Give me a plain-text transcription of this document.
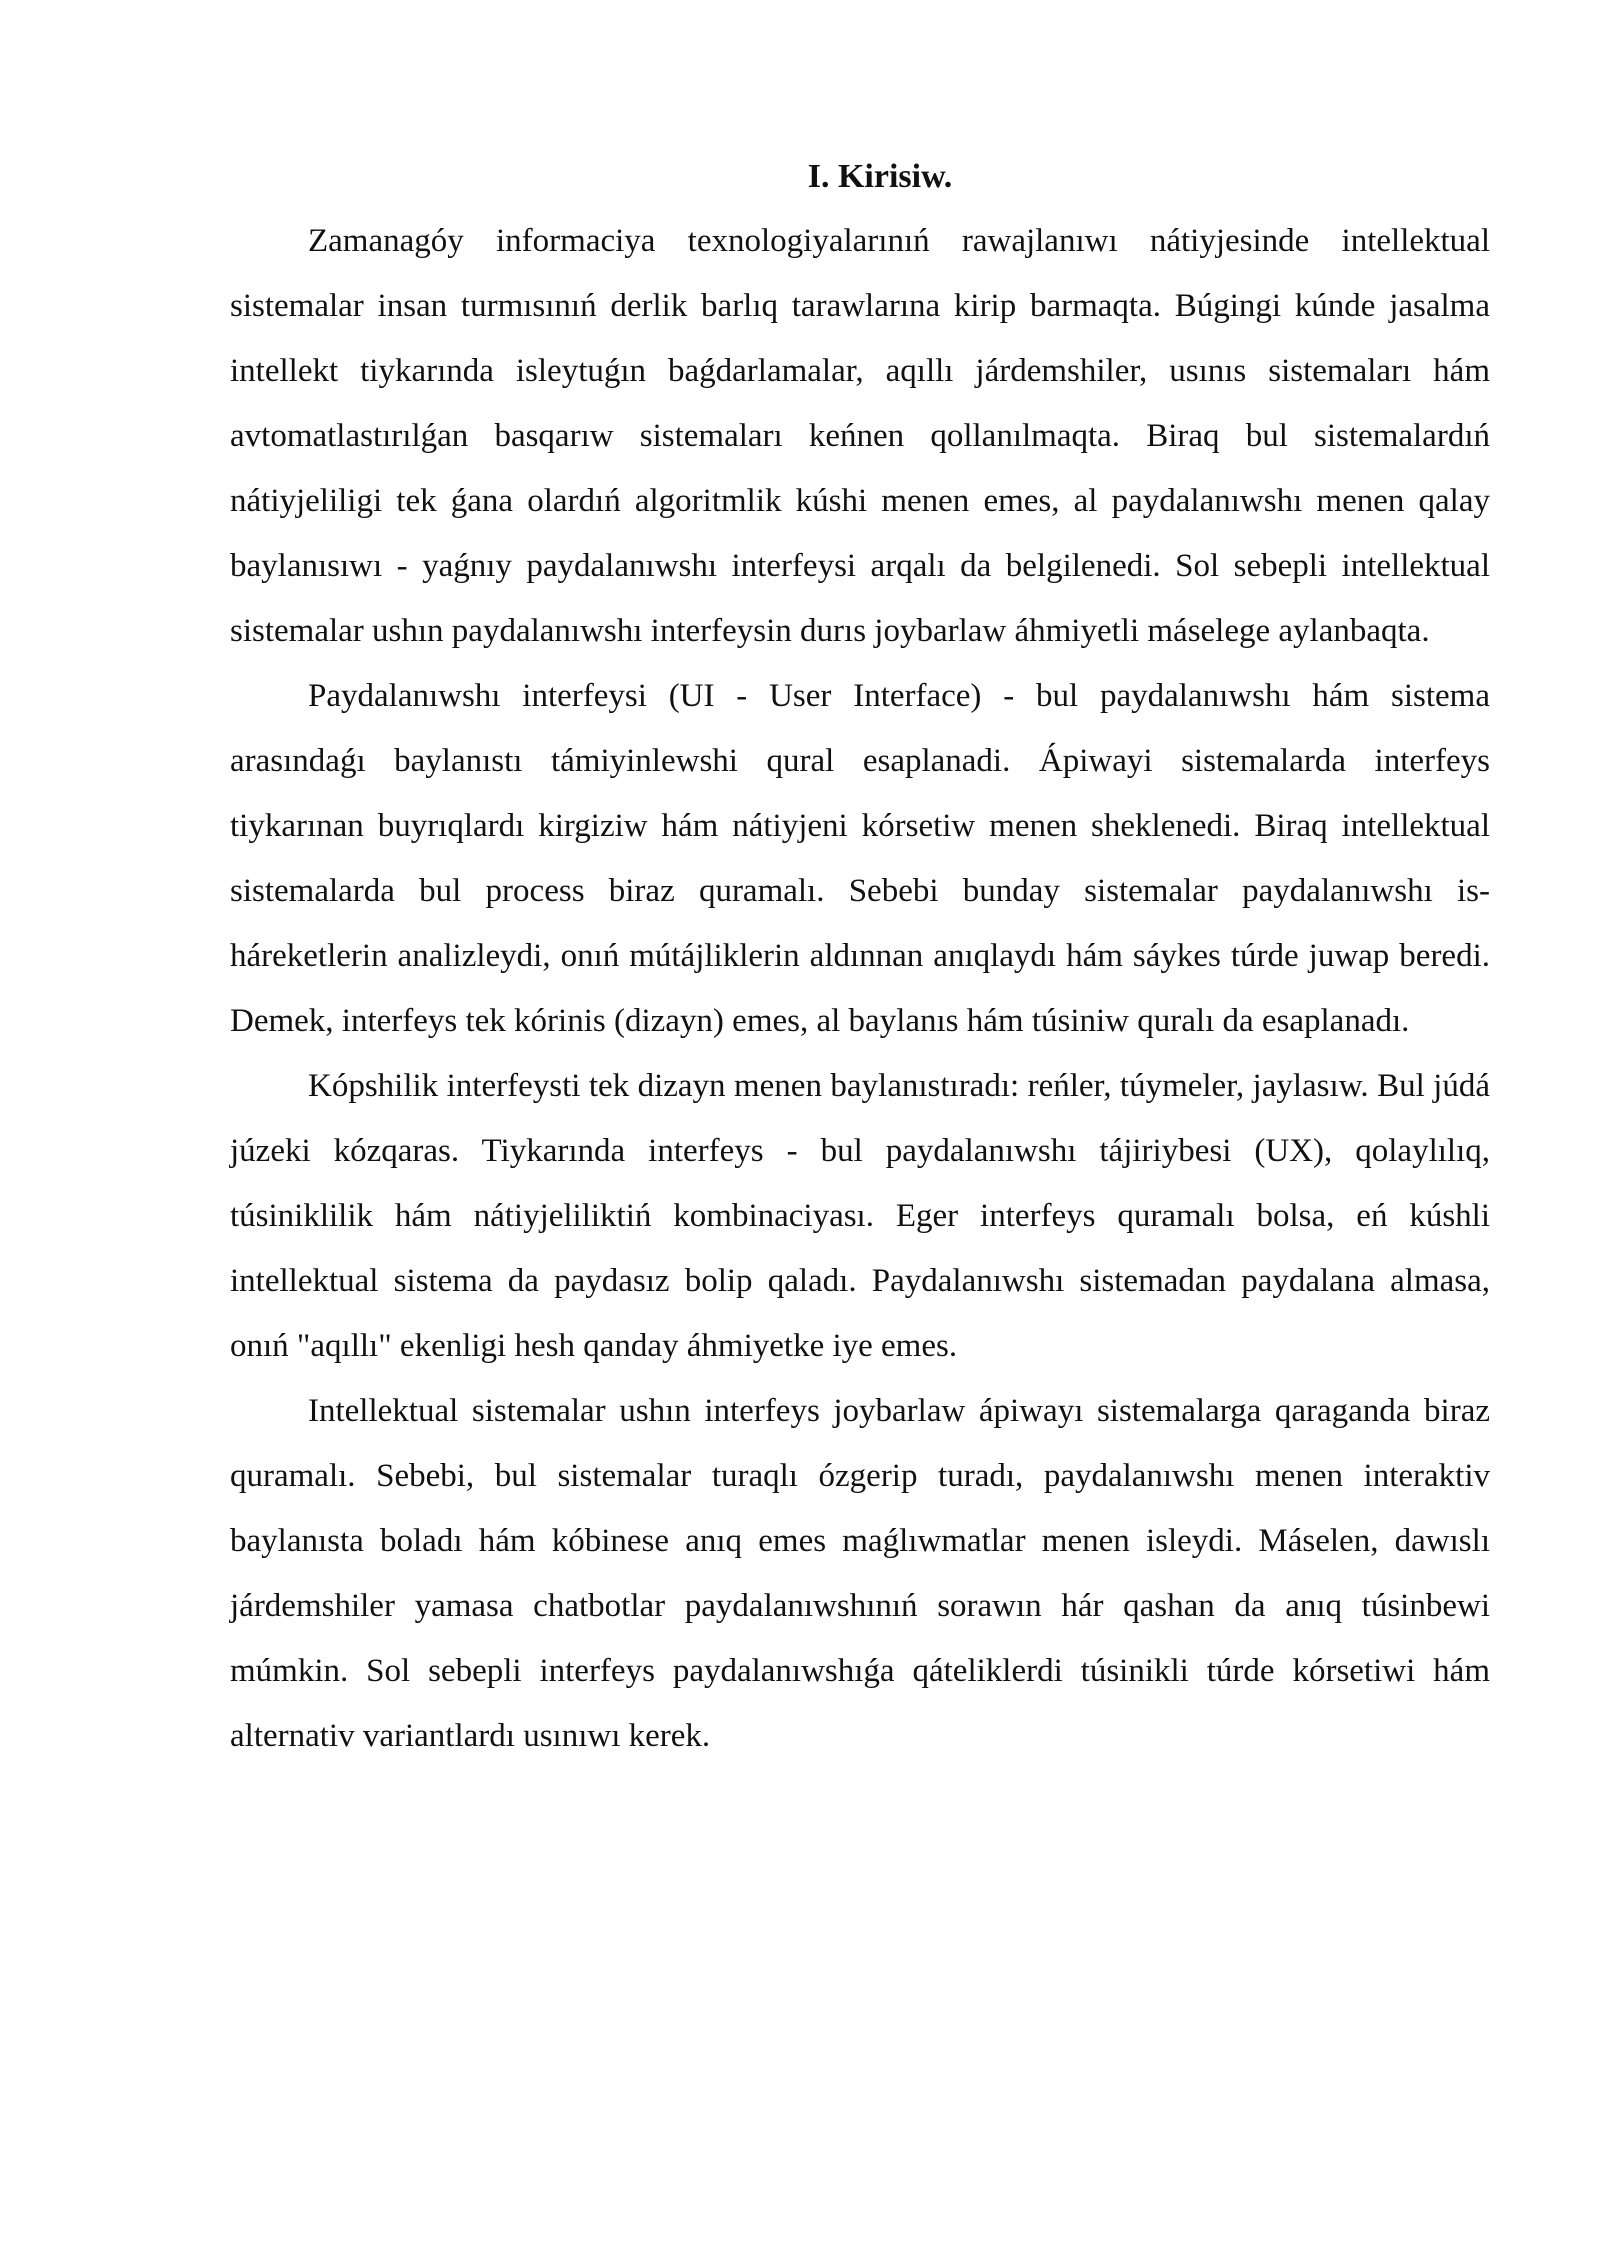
I. Kirisiw.

Zamanagóy informaciya texnologiyalarınıń rawajlanıwı nátiyjesinde intellektual sistemalar insan turmısınıń derlik barlıq tarawlarına kirip barmaqta. Búgingi kúnde jasalma intellekt tiykarında isleytuǵın baǵdarlamalar, aqıllı járdemshiler, usınıs sistemaları hám avtomatlastırılǵan basqarıw sistemaları keńnen qollanılmaqta. Biraq bul sistemalardıń nátiyjeliligi tek ǵana olardıń algoritmlik kúshi menen emes, al paydalanıwshı menen qalay baylanısıwı - yaǵnıy paydalanıwshı interfeysi arqalı da belgilenedi. Sol sebepli intellektual sistemalar ushın paydalanıwshı interfeysin durıs joybarlaw áhmiyetli máselege aylanbaqta.

Paydalanıwshı interfeysi (UI - User Interface) - bul paydalanıwshı hám sistema arasındaǵı baylanıstı támiyinlewshi qural esaplanadi. Ápiwayi sistemalarda interfeys tiykarınan buyrıqlardı kirgiziw hám nátiyjeni kórsetiw menen sheklenedi. Biraq intellektual sistemalarda bul process biraz quramalı. Sebebi bunday sistemalar paydalanıwshı is-háreketlerin analizleydi, onıń mútájliklerin aldınnan anıqlaydı hám sáykes túrde juwap beredi. Demek, interfeys tek kórinis (dizayn) emes, al baylanıs hám túsiniw quralı da esaplanadı.

Kópshilik interfeysti tek dizayn menen baylanıstıradı: reńler, túymeler, jaylasıw. Bul júdá júzeki kózqaras. Tiykarında interfeys - bul paydalanıwshı tájiriybesi (UX), qolaylılıq, túsiniklilik hám nátiyjeliliktiń kombinaciyası. Eger interfeys quramalı bolsa, eń kúshli intellektual sistema da paydasız bolip qaladı. Paydalanıwshı sistemadan paydalana almasa, onıń "aqıllı" ekenligi hesh qanday áhmiyetke iye emes.

Intellektual sistemalar ushın interfeys joybarlaw ápiwayı sistemalarga qaraganda biraz quramalı. Sebebi, bul sistemalar turaqlı ózgerip turadı, paydalanıwshı menen interaktiv baylanısta boladı hám kóbinese anıq emes maǵlıwmatlar menen isleydi. Máselen, dawıslı járdemshiler yamasa chatbotlar paydalanıwshınıń sorawın hár qashan da anıq túsinbewi múmkin. Sol sebepli interfeys paydalanıwshıǵa qáteliklerdi túsinikli túrde kórsetiwi hám alternativ variantlardı usınıwı kerek.
